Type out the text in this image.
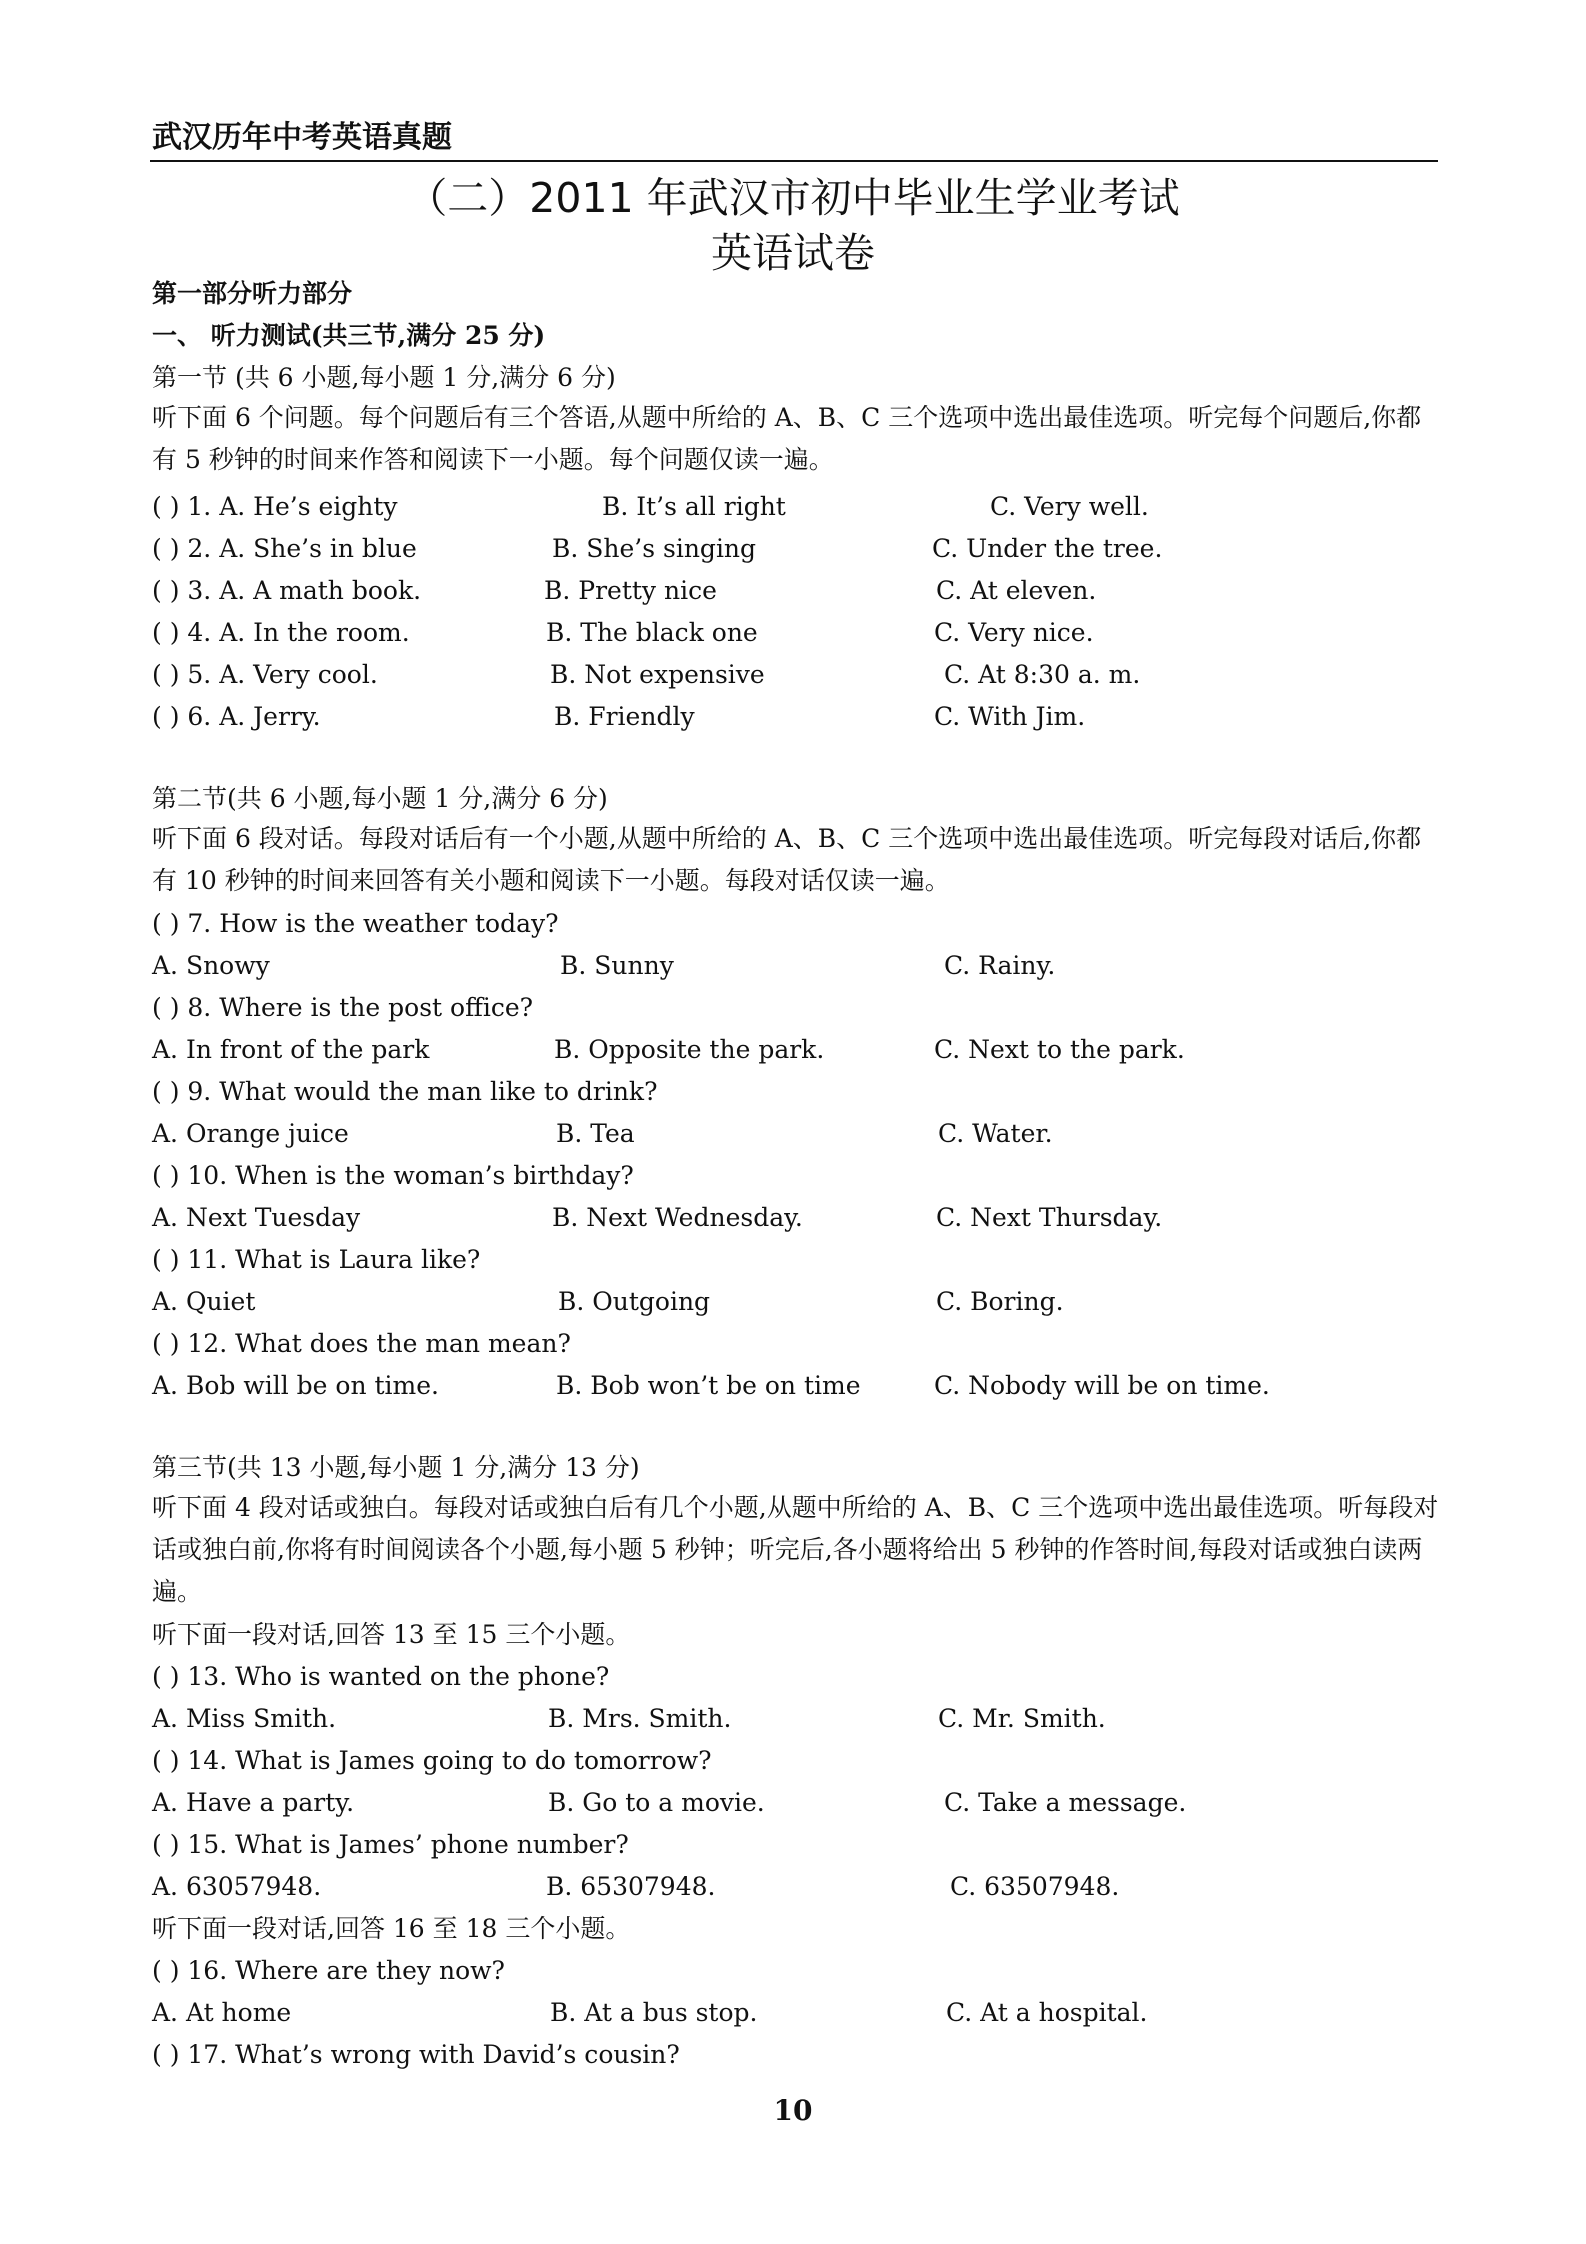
武汉历年中考英语真题
（二）2011 年武汉市初中毕业生学业考试
英语试卷
第一部分听力部分
一、 听力测试(共三节,满分 25 分)
第一节 (共 6 小题,每小题 1 分,满分 6 分)
听下面 6 个问题。每个问题后有三个答语,从题中所给的 A、B、C 三个选项中选出最佳选项。听完每个问题后,你都有 5 秒钟的时间来作答和阅读下一小题。每个问题仅读一遍。
( ) 1. A. He’s eighty	B. It’s all right	C. Very well.
( ) 2. A. She’s in blue	B. She’s singing	C. Under the tree.
( ) 3. A. A math book.	B. Pretty nice	C. At eleven.
( ) 4. A. In the room.	B. The black one	C. Very nice.
( ) 5. A. Very cool.	B. Not expensive	C. At 8:30 a. m.
( ) 6. A. Jerry.	B. Friendly	C. With Jim.
第二节(共 6 小题,每小题 1 分,满分 6 分)
听下面 6 段对话。每段对话后有一个小题,从题中所给的 A、B、C 三个选项中选出最佳选项。听完每段对话后,你都有 10 秒钟的时间来回答有关小题和阅读下一小题。每段对话仅读一遍。
( ) 7. How is the weather today?
A. Snowy	B. Sunny	C. Rainy.
( ) 8. Where is the post office?
A. In front of the park	B. Opposite the park.	C. Next to the park.
( ) 9. What would the man like to drink?
A. Orange juice	B. Tea	C. Water.
( ) 10. When is the woman’s birthday?
A. Next Tuesday	B. Next Wednesday.	C. Next Thursday.
( ) 11. What is Laura like?
A. Quiet	B. Outgoing	C. Boring.
( ) 12. What does the man mean?
A. Bob will be on time.	B. Bob won’t be on time	C. Nobody will be on time.
第三节(共 13 小题,每小题 1 分,满分 13 分)
听下面 4 段对话或独白。每段对话或独白后有几个小题,从题中所给的 A、B、C 三个选项中选出最佳选项。听每段对话或独白前,你将有时间阅读各个小题,每小题 5 秒钟；听完后,各小题将给出 5 秒钟的作答时间,每段对话或独白读两遍。
听下面一段对话,回答 13 至 15 三个小题。
( ) 13. Who is wanted on the phone?
A. Miss Smith.	B. Mrs. Smith.	C. Mr. Smith.
( ) 14. What is James going to do tomorrow?
A. Have a party.	B. Go to a movie.	C. Take a message.
( ) 15. What is James’ phone number?
A. 63057948.	B. 65307948.	C. 63507948.
听下面一段对话,回答 16 至 18 三个小题。
( ) 16. Where are they now?
A. At home	B. At a bus stop.	C. At a hospital.
( ) 17. What’s wrong with David’s cousin?
10
